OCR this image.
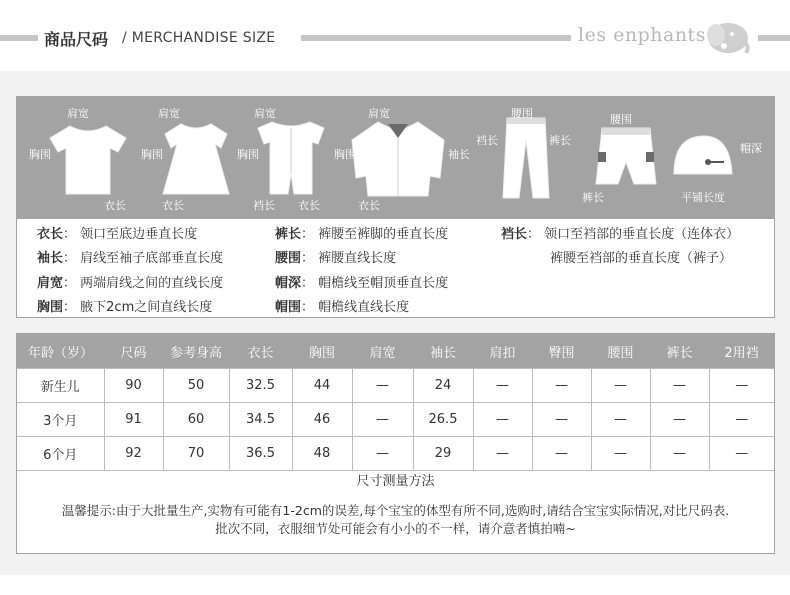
商品尺码 / MERCHANDISE SIZE	les enphants
肩宽
胸围
衣长
肩宽
胸围
衣长
肩宽
胸围
裆长 衣长
肩宽
胸围	袖长
衣长
腰围
裆长	裤长
腰围
裤长
帽深
平铺长度
衣长： 领口至底边垂直长度
袖长： 肩线至袖子底部垂直长度
肩宽： 两端肩线之间的直线长度
胸围： 腋下2cm之间直线长度
裤长： 裤腰至裤脚的垂直长度
腰围： 裤腰直线长度
帽深： 帽檐线至帽顶垂直长度
帽围： 帽檐线直线长度
裆长： 领口至裆部的垂直长度（连体衣）
裤腰至裆部的垂直长度（裤子）
年龄（岁）	尺码	参考身高	衣长	胸围	肩宽	袖长	肩扣	臀围	腰围	裤长	2用裆
新生儿	90	50	32.5	44	—	24	—	—	—	—	—
3个月	91	60	34.5	46	—	26.5	—	—	—	—	—
6个月	92	70	36.5	48	—	29	—	—	—	—	—
尺寸测量方法
温馨提示:由于大批量生产,实物有可能有1-2cm的误差,每个宝宝的体型有所不同,选购时,请结合宝宝实际情况,对比尺码表.
批次不同，衣服细节处可能会有小小的不一样，请介意者慎拍喃~
